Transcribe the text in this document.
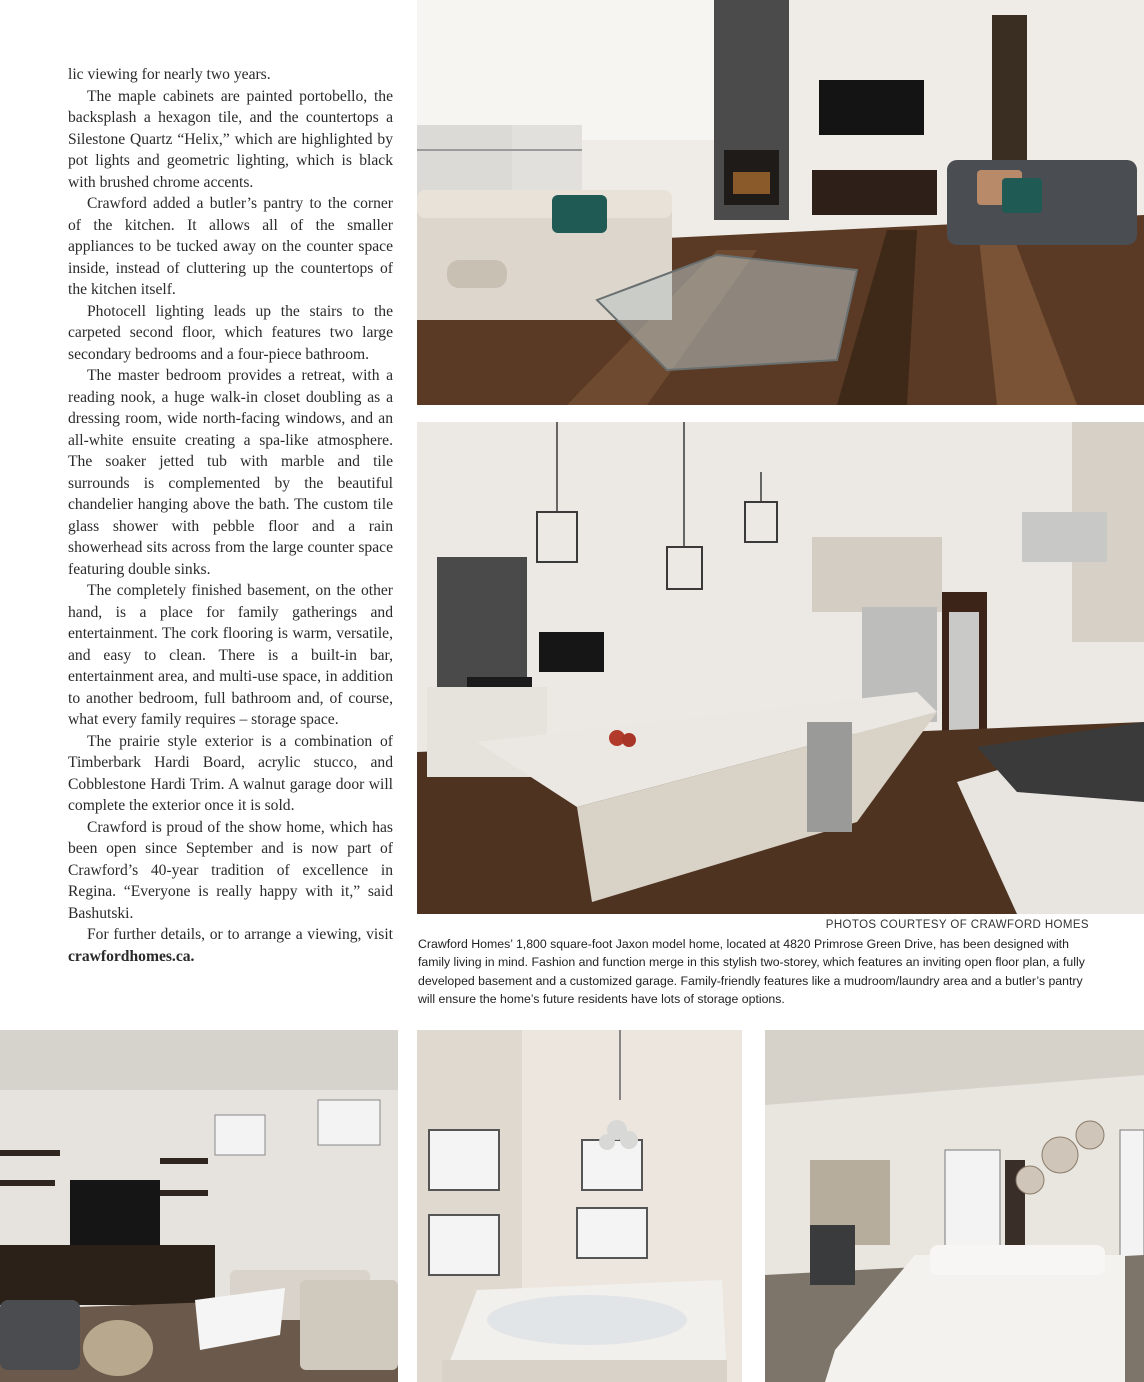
lic viewing for nearly two years.

The maple cabinets are painted portobello, the backsplash a hexagon tile, and the countertops a Silestone Quartz “Helix,” which are highlighted by pot lights and geometric lighting, which is black with brushed chrome accents.

Crawford added a butler’s pantry to the corner of the kitchen. It allows all of the smaller appliances to be tucked away on the counter space inside, instead of cluttering up the countertops of the kitchen itself.

Photocell lighting leads up the stairs to the carpeted second floor, which features two large secondary bedrooms and a four-piece bathroom.

The master bedroom provides a retreat, with a reading nook, a huge walk-in closet doubling as a dressing room, wide north-facing windows, and an all-white ensuite creating a spa-like atmosphere. The soaker jetted tub with marble and tile surrounds is complemented by the beautiful chandelier hanging above the bath. The custom tile glass shower with pebble floor and a rain showerhead sits across from the large counter space featuring double sinks.

The completely finished basement, on the other hand, is a place for family gatherings and entertainment. The cork flooring is warm, versatile, and easy to clean. There is a built-in bar, entertainment area, and multi-use space, in addition to another bedroom, full bathroom and, of course, what every family requires – storage space.

The prairie style exterior is a combination of Timberbark Hardi Board, acrylic stucco, and Cobblestone Hardi Trim. A walnut garage door will complete the exterior once it is sold.

Crawford is proud of the show home, which has been open since September and is now part of Crawford’s 40-year tradition of excellence in Regina. “Everyone is really happy with it,” said Bashutski.

For further details, or to arrange a viewing, visit crawfordhomes.ca.

PHOTOS COURTESY OF CRAWFORD HOMES
Crawford Homes’ 1,800 square-foot Jaxon model home, located at 4820 Primrose Green Drive, has been designed with family living in mind. Fashion and function merge in this stylish two-storey, which features an inviting open floor plan, a fully developed basement and a customized garage. Family-friendly features like a mudroom/laundry area and a butler’s pantry will ensure the home’s future residents have lots of storage options.
